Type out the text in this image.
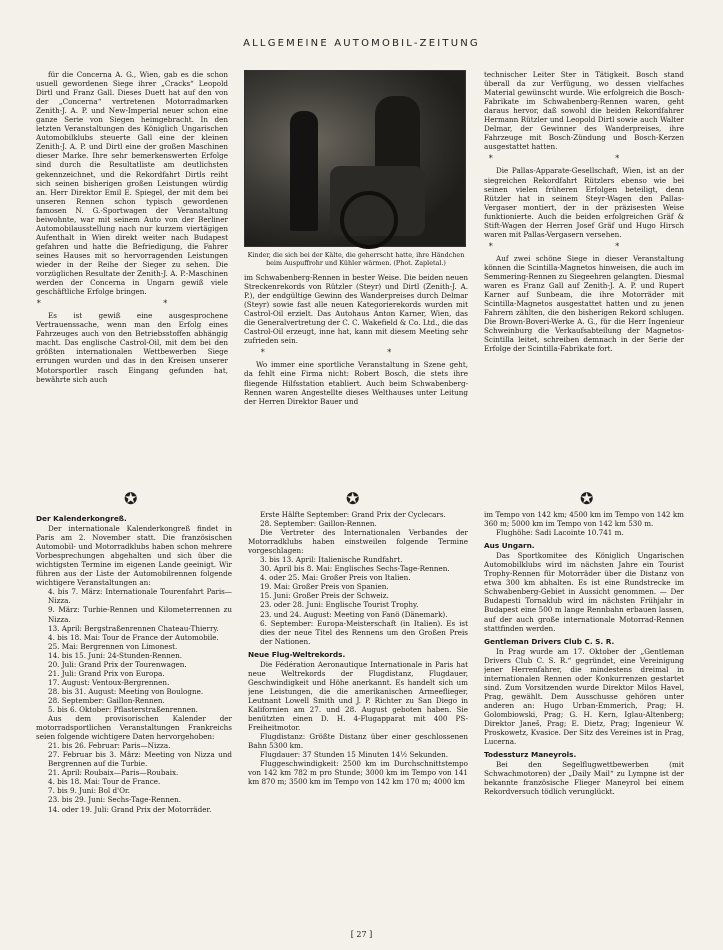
ALLGEMEINE AUTOMOBIL-ZEITUNG

für die Concerna A. G., Wien, gab es die schon usuell gewordenen Siege ihrer „Cracks“ Leopold Dirtl und Franz Gall. Dieses Duett hat auf den von der „Concerna“ vertretenen Motorradmarken Zenith-J. A. P. und New-Imperial neuer schon eine ganze Serie von Siegen heimgebracht. In den letzten Veranstaltungen des Königlich Ungarischen Automobilklubs steuerte Gall eine der kleinen Zenith-J. A. P. und Dirtl eine der großen Maschinen dieser Marke. Ihre sehr bemerkenswerten Erfolge sind durch die Resultatliste am deutlichsten gekennzeichnet, und die Rekordfahrt Dirtls reiht sich seinen bisherigen großen Leistungen würdig an. Herr Direktor Emil E. Spiegel, der mit dem bei unseren Rennen schon typisch gewordenen famosen N. G.-Sportwagen der Veranstaltung beiwohnte, war mit seinem Auto von der Berliner Automobilausstellung nach nur kurzem viertägigen Aufenthalt in Wien direkt weiter nach Budapest gefahren und hatte die Befriedigung, die Fahrer seines Hauses mit so hervorragenden Leistungen wieder in der Reihe der Sieger zu sehen. Die vorzüglichen Resultate der Zenith-J. A. P.-Maschinen werden der Concerna in Ungarn gewiß viele geschäftliche Erfolge bringen.

* *

Es ist gewiß eine ausgesprochene Vertrauenssache, wenn man den Erfolg eines Fahrzeuges auch von den Betriebsstoffen abhängig macht. Das englische Castrol-Oil, mit dem bei den größten internationalen Wettbewerben Siege errungen wurden und das in den Kreisen unserer Motorsportler rasch Eingang gefunden hat, bewährte sich auch

Kinder, die sich bei der Kälte, die geherrscht hatte, ihre Händchen beim Auspuffrohr und Kühler wärmen. (Phot. Zapletal.)

im Schwabenberg-Rennen in bester Weise. Die beiden neuen Streckenrekords von Rützler (Steyr) und Dirtl (Zenith-J. A. P.), der endgültige Gewinn des Wanderpreises durch Delmar (Steyr) sowie fast alle neuen Kategorierekords wurden mit Castrol-Oil erzielt. Das Autohaus Anton Karner, Wien, das die Generalvertretung der C. C. Wakefield & Co. Ltd., die das Castrol-Oil erzeugt, inne hat, kann mit diesem Meeting sehr zufrieden sein.

* *

Wo immer eine sportliche Veranstaltung in Szene geht, da fehlt eine Firma nicht: Robert Bosch, die stets ihre fliegende Hilfsstation etabliert. Auch beim Schwabenberg-Rennen waren Angestellte dieses Welthauses unter Leitung der Herren Direktor Bauer und

technischer Leiter Ster in Tätigkeit. Bosch stand überall da zur Verfügung, wo dessen vielfaches Material gewünscht wurde. Wie erfolgreich die Bosch-Fabrikate im Schwabenberg-Rennen waren, geht daraus hervor, daß sowohl die beiden Rekordfahrer Hermann Rützler und Leopold Dirtl sowie auch Walter Delmar, der Gewinner des Wanderpreises, ihre Fahrzeuge mit Bosch-Zündung und Bosch-Kerzen ausgestattet hatten.

* *

Die Pallas-Apparate-Gesellschaft, Wien, ist an der siegreichen Rekordfahrt Rützlers ebenso wie bei seinen vielen früheren Erfolgen beteiligt, denn Rützler hat in seinem Steyr-Wagen den Pallas-Vergaser montiert, der in der präzisesten Weise funktionierte. Auch die beiden erfolgreichen Gräf & Stift-Wagen der Herren Josef Gräf und Hugo Hirsch waren mit Pallas-Vergasern versehen.

* *

Auf zwei schöne Siege in dieser Veranstaltung können die Scintilla-Magnetos hinweisen, die auch im Semmering-Rennen zu Siegeehren gelangten. Diesmal waren es Franz Gall auf Zenith-J. A. P. und Rupert Karner auf Sunbeam, die ihre Motorräder mit Scintilla-Magnetos ausgestattet hatten und zu jenen Fahrern zählten, die den bisherigen Rekord schlugen. Die Brown-Boveri-Werke A. G., für die Herr Ingenieur Schweinburg die Verkaufsabteilung der Magnetos-Scintilla leitet, schreiben demnach in der Serie der Erfolge der Scintilla-Fabrikate fort.

✪	✪	✪
Der Kalenderkongreß.

Der internationale Kalenderkongreß findet in Paris am 2. November statt. Die französischen Automobil- und Motorradklubs haben schon mehrere Vorbesprechungen abgehalten und sich über die wichtigsten Termine im eigenen Lande geeinigt. Wir führen aus der Liste der Automobilrennen folgende wichtigere Veranstaltungen an:

4. bis 7. März: Internationale Tourenfahrt Paris—Nizza.

9. März: Turbie-Rennen und Kilometerrennen zu Nizza.

13. April: Bergstraßenrennen Chateau-Thierry.

4. bis 18. Mai: Tour de France der Automobile.

25. Mai: Bergrennen von Limonest.

14. bis 15. Juni: 24-Stunden-Rennen.

20. Juli: Grand Prix der Tourenwagen.

21. Juli: Grand Prix von Europa.

17. August: Ventoux-Bergrennen.

28. bis 31. August: Meeting von Boulogne.

28. September: Gaillon-Rennen.

5. bis 6. Oktober: Pflasterstraßenrennen.

Aus dem provisorischen Kalender der motorradsportlichen Veranstaltungen Frankreichs seien folgende wichtigere Daten hervorgehoben:

21. bis 26. Februar: Paris—Nizza.

27. Februar bis 3. März: Meeting von Nizza und Bergrennen auf die Turbie.

21. April: Roubaix—Paris—Roubaix.

4. bis 18. Mai: Tour de France.

7. bis 9. Juni: Bol d'Or.

23. bis 29. Juni: Sechs-Tage-Rennen.

14. oder 19. Juli: Grand Prix der Motorräder.

Erste Hälfte September: Grand Prix der Cyclecars.

28. September: Gaillon-Rennen.

Die Vertreter des Internationalen Verbandes der Motorradklubs haben einstweilen folgende Termine vorgeschlagen:

3. bis 13. April: Italienische Rundfahrt.

30. April bis 8. Mai: Englisches Sechs-Tage-Rennen.

4. oder 25. Mai: Großer Preis von Italien.

19. Mai: Großer Preis von Spanien.

15. Juni: Großer Preis der Schweiz.

23. oder 28. Juni: Englische Tourist Trophy.

23. und 24. August: Meeting von Fanö (Dänemark).

6. September: Europa-Meisterschaft (in Italien). Es ist dies der neue Titel des Rennens um den Großen Preis der Nationen.

Neue Flug-Weltrekords.

Die Fédération Aeronautique Internationale in Paris hat neue Weltrekords der Flugdistanz, Flugdauer, Geschwindigkeit und Höhe anerkannt. Es handelt sich um jene Leistungen, die die amerikanischen Armeeflieger, Leutnant Lowell Smith und J. P. Richter zu San Diego in Kalifornien am 27. und 28. August geboten haben. Sie benützten einen D. H. 4-Flugapparat mit 400 PS-Freiheitmotor.

Flugdistanz: Größte Distanz über einer geschlossenen Bahn 5300 km.

Flugdauer: 37 Stunden 15 Minuten 14½ Sekunden.

Fluggeschwindigkeit: 2500 km im Durchschnittstempo von 142 km 782 m pro Stunde; 3000 km im Tempo von 141 km 870 m; 3500 km im Tempo von 142 km 170 m; 4000 km

im Tempo von 142 km; 4500 km im Tempo von 142 km 360 m; 5000 km im Tempo von 142 km 530 m.

Flughöhe: Sadi Lacointe 10.741 m.

Aus Ungarn.

Das Sportkomitee des Königlich Ungarischen Automobilklubs wird im nächsten Jahre ein Tourist Trophy-Rennen für Motorräder über die Distanz von etwa 300 km abhalten. Es ist eine Rundstrecke im Schwabenberg-Gebiet in Aussicht genommen. — Der Budapesti Tornaklub wird im nächsten Frühjahr in Budapest eine 500 m lange Rennbahn erbauen lassen, auf der auch große internationale Motorrad-Rennen stattfinden werden.

Gentleman Drivers Club C. S. R.

In Prag wurde am 17. Oktober der „Gentleman Drivers Club C. S. R.“ gegründet, eine Vereinigung jener Herrenfahrer, die mindestens dreimal in internationalen Rennen oder Konkurrenzen gestartet sind. Zum Vorsitzenden wurde Direktor Milos Havel, Prag, gewählt. Dem Ausschusse gehören unter anderen an: Hugo Urban-Emmerich, Prag; H. Golombiowski, Prag; G. H. Kern, Iglau-Altenberg; Direktor Janeš, Prag; E. Dietz, Prag; Ingenieur W. Proskowetz, Kvasice. Der Sitz des Vereines ist in Prag, Lucerna.

Todessturz Maneyrols.

Bei den Segelflugwettbewerben (mit Schwachmotoren) der „Daily Mail“ zu Lympne ist der bekannte französische Flieger Maneyrol bei einem Rekordversuch tödlich verunglückt.

[ 27 ]
